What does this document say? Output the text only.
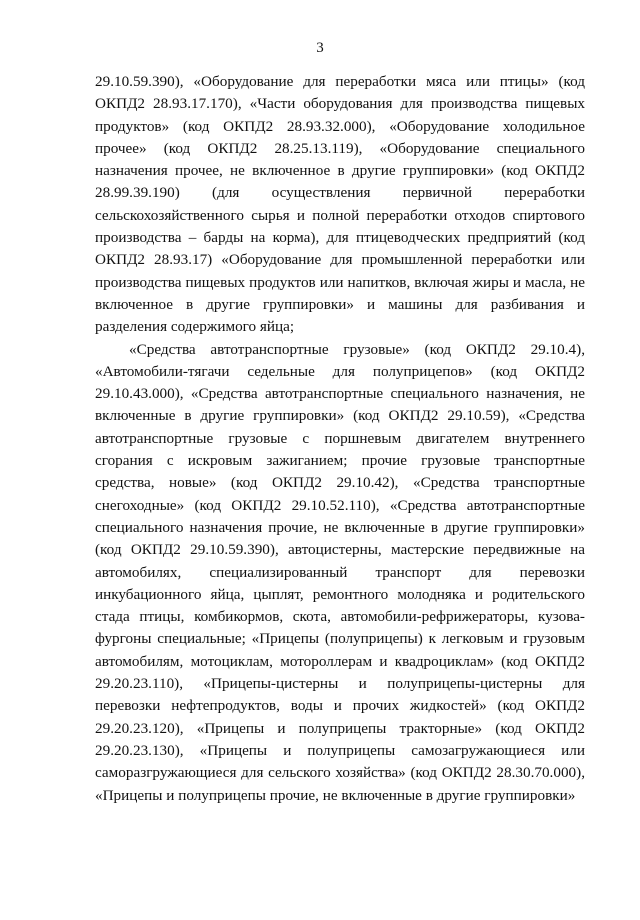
3

29.10.59.390), «Оборудование для переработки мяса или птицы» (код ОКПД2 28.93.17.170), «Части оборудования для производства пищевых продуктов» (код ОКПД2 28.93.32.000), «Оборудование холодильное прочее» (код ОКПД2 28.25.13.119), «Оборудование специального назначения прочее, не включенное в другие группировки» (код ОКПД2 28.99.39.190) (для осуществления первичной переработки сельскохозяйственного сырья и полной переработки отходов спиртового производства – барды на корма), для птицеводческих предприятий (код ОКПД2 28.93.17) «Оборудование для промышленной переработки или производства пищевых продуктов или напитков, включая жиры и масла, не включенное в другие группировки» и машины для разбивания и разделения содержимого яйца;

«Средства автотранспортные грузовые» (код ОКПД2 29.10.4), «Автомобили-тягачи седельные для полуприцепов» (код ОКПД2 29.10.43.000), «Средства автотранспортные специального назначения, не включенные в другие группировки» (код ОКПД2 29.10.59), «Средства автотранспортные грузовые с поршневым двигателем внутреннего сгорания с искровым зажиганием; прочие грузовые транспортные средства, новые» (код ОКПД2 29.10.42), «Средства транспортные снегоходные» (код ОКПД2 29.10.52.110), «Средства автотранспортные специального назначения прочие, не включенные в другие группировки» (код ОКПД2 29.10.59.390), автоцистерны, мастерские передвижные на автомобилях, специализированный транспорт для перевозки инкубационного яйца, цыплят, ремонтного молодняка и родительского стада птицы, комбикормов, скота, автомобили-рефрижераторы, кузова-фургоны специальные; «Прицепы (полуприцепы) к легковым и грузовым автомобилям, мотоциклам, мотороллерам и квадроциклам» (код ОКПД2 29.20.23.110), «Прицепы-цистерны и полуприцепы-цистерны для перевозки нефтепродуктов, воды и прочих жидкостей» (код ОКПД2 29.20.23.120), «Прицепы и полуприцепы тракторные» (код ОКПД2 29.20.23.130), «Прицепы и полуприцепы самозагружающиеся или саморазгружающиеся для сельского хозяйства» (код ОКПД2 28.30.70.000), «Прицепы и полуприцепы прочие, не включенные в другие группировки»
